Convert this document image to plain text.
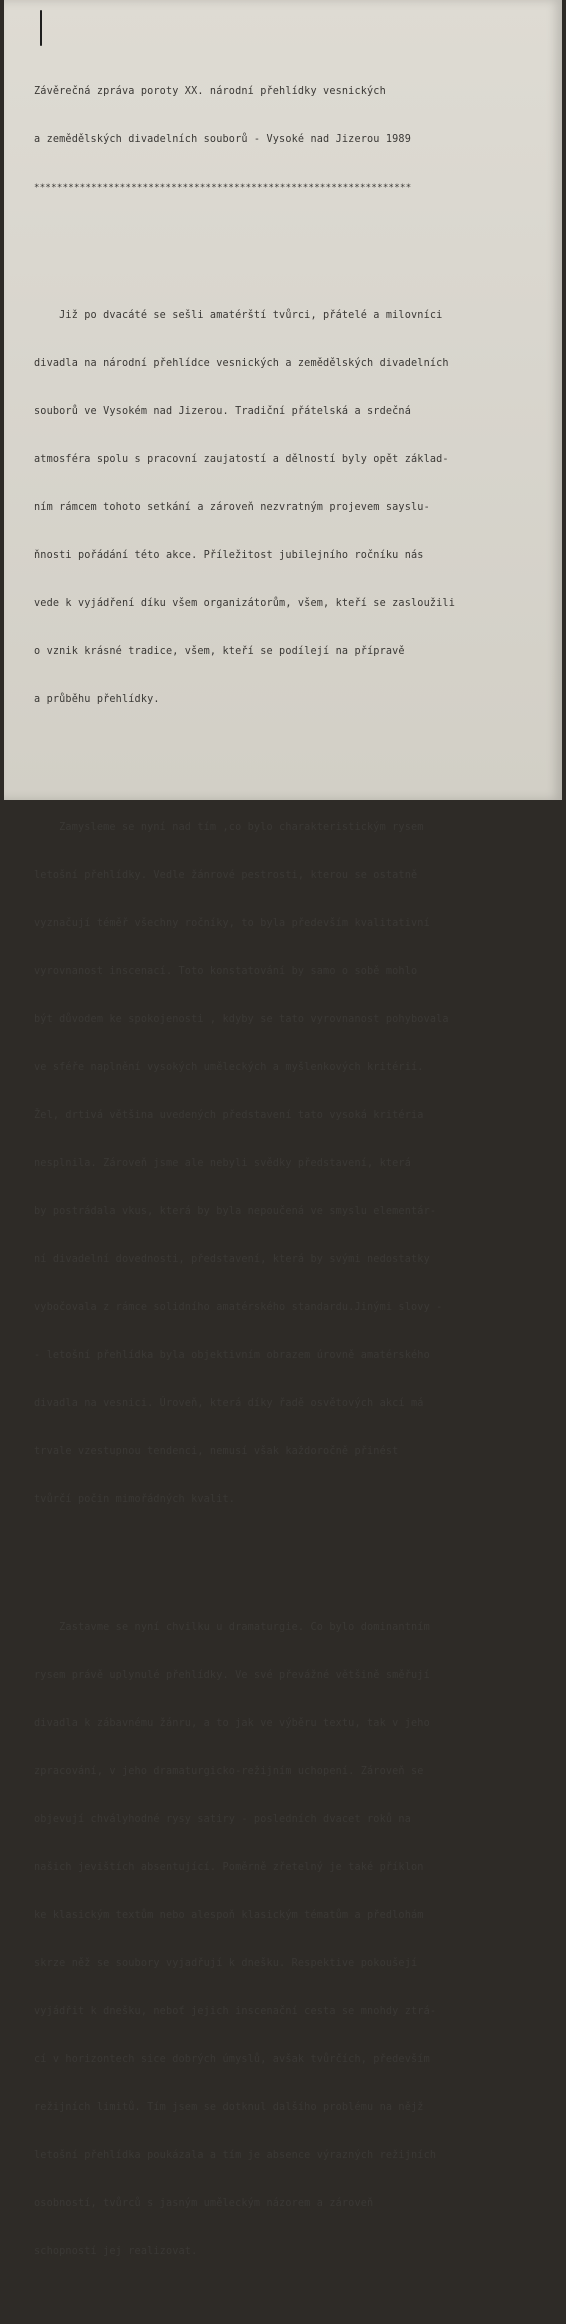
Závěrečná zpráva poroty XX. národní přehlídky vesnických

a zemědělských divadelních souborů - Vysoké nad Jizerou 1989

******************************************************************

Již po dvacáté se sešli amatérští tvůrci, přátelé a milovníci

divadla na národní přehlídce vesnických a zemědělských divadelních

souborů ve Vysokém nad Jizerou. Tradiční přátelská a srdečná

atmosféra spolu s pracovní zaujatostí a dělností byly opět základ-

ním rámcem tohoto setkání a zároveň nezvratným projevem sayslu-

ňnosti pořádání této akce. Příležitost jubilejního ročníku nás

vede k vyjádření díku všem organizátorům, všem, kteří se zasloužili

o vznik krásné tradice, všem, kteří se podílejí na přípravě

a průběhu přehlídky.

Zamysleme se nyní nad tím ,co bylo charakteristickým rysem

letošní přehlídky. Vedle žánrové pestrosti, kterou se ostatně

vyznačují téměř všechny ročníky, to byla především kvalitativní

vyrovnanost inscenací. Toto konstatování by samo o sobě mohlo

být důvodem ke spokojenosti , kdyby se tato vyrovnanost pohybovala

ve sféře naplnění vysokých uměleckých a myšlenkových kritérií.

Žel, drtivá většina uvedených představení tato vysoká kritéria

nesplnila. Zároveň jsme ale nebyli svědky představení, která

by postrádala vkus, která by byla nepoučená ve smyslu elementár-

ní divadelní dovednosti, představení, která by svými nedostatky

vybočovala z rámce solidního amatérského standardu.Jinými slovy -

- letošní přehlídka byla objektivním obrazem úrovně amatérského

divadla na vesnici. Úroveň, která díky řadě osvětových akcí má

trvale vzestupnou tendenci, nemusí však každoročně přinést

tvůrčí počin mimořádných kvalit.

Zastavme se nyní chvilku u dramaturgie. Co bylo dominantním

rysem právě uplynulé přehlídky. Ve své převážné většině směřují

divadla k zábavnému žánru, a to jak ve výběru textu, tak v jeho

zpracování, v jeho dramaturgicko-režijním uchopení. Zároveň se

objevují chvályhodné rysy satiry - posledních dvacet roků na

našich jevištích absentující. Poměrně zřetelný je také příklon

ke klasickým textům nebo alespoň klasickým tématům a předlohám

skrze něž se soubory vyjadřují k dnešku. Respektive pokoušejí

vyjádřit k dnešku, neboť jejich inscenační cesta se mnohdy ztrá-

cí v horizontech sice dobrých úmyslů, avšak tvůrčích, především

režijních limitů. Tím jsem se dotknul dalšího problému na nějž

letošní přehlídka poukázala a tím je absence výrazných režijních

osobností, tvůrců s jasným uměleckým názorem a zároveň

schopností jej realizovat.
